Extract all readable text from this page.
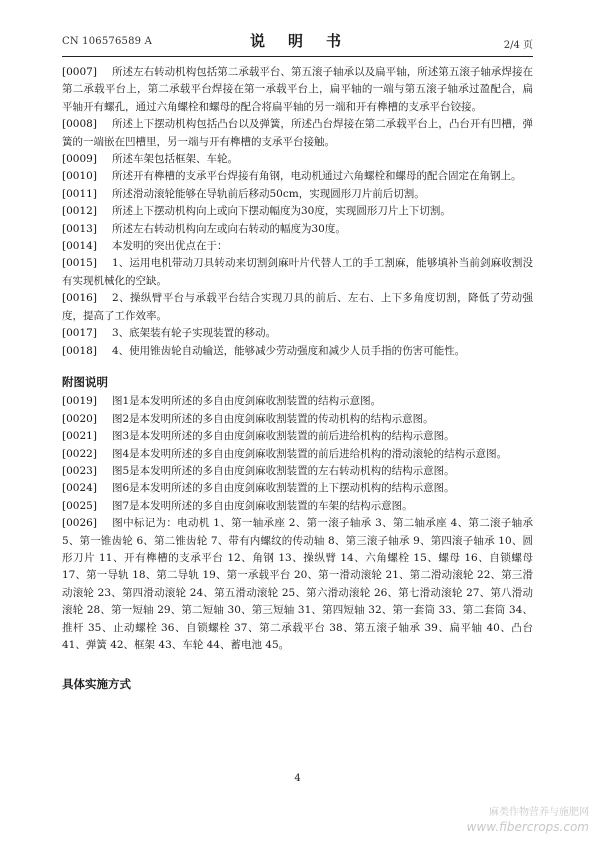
CN 106576589 A	说　明　书	2/4 页

[0007] 所述左右转动机构包括第二承载平台、第五滚子轴承以及扁平轴，所述第五滚子轴承焊接在第二承载平台上，第二承载平台焊接在第一承载平台上，扁平轴的一端与第五滚子轴承过盈配合，扁平轴开有螺孔，通过六角螺栓和螺母的配合将扁平轴的另一端和开有榫槽的支承平台铰接。

[0008] 所述上下摆动机构包括凸台以及弹簧，所述凸台焊接在第二承载平台上，凸台开有凹槽，弹簧的一端嵌在凹槽里，另一端与开有榫槽的支承平台接触。

[0009] 所述车架包括框架、车轮。

[0010] 所述开有榫槽的支承平台焊接有角钢，电动机通过六角螺栓和螺母的配合固定在角钢上。

[0011] 所述滑动滚轮能够在导轨前后移动50cm，实现圆形刀片前后切割。

[0012] 所述上下摆动机构向上或向下摆动幅度为30度，实现圆形刀片上下切割。

[0013] 所述左右转动机构向左或向右转动的幅度为30度。

[0014] 本发明的突出优点在于：

[0015] 1、运用电机带动刀具转动来切割剑麻叶片代替人工的手工割麻，能够填补当前剑麻收割没有实现机械化的空缺。

[0016] 2、操纵臂平台与承载平台结合实现刀具的前后、左右、上下多角度切割，降低了劳动强度，提高了工作效率。

[0017] 3、底架装有轮子实现装置的移动。

[0018] 4、使用锥齿轮自动输送，能够减少劳动强度和减少人员手指的伤害可能性。

附图说明

[0019] 图1是本发明所述的多自由度剑麻收割装置的结构示意图。

[0020] 图2是本发明所述的多自由度剑麻收割装置的传动机构的结构示意图。

[0021] 图3是本发明所述的多自由度剑麻收割装置的前后进给机构的结构示意图。

[0022] 图4是本发明所述的多自由度剑麻收割装置的前后进给机构的滑动滚轮的结构示意图。

[0023] 图5是本发明所述的多自由度剑麻收割装置的左右转动机构的结构示意图。

[0024] 图6是本发明所述的多自由度剑麻收割装置的上下摆动机构的结构示意图。

[0025] 图7是本发明所述的多自由度剑麻收割装置的车架的结构示意图。

[0026] 图中标记为：电动机 1、第一轴承座 2、第一滚子轴承 3、第二轴承座 4、第二滚子轴承 5、第一锥齿轮 6、第二锥齿轮 7、带有内螺纹的传动轴 8、第三滚子轴承 9、第四滚子轴承 10、圆形刀片 11、开有榫槽的支承平台 12、角钢 13、操纵臂 14、六角螺栓 15、螺母 16、自锁螺母 17、第一导轨 18、第二导轨 19、第一承载平台 20、第一滑动滚轮 21、第二滑动滚轮 22、第三滑动滚轮 23、第四滑动滚轮 24、第五滑动滚轮 25、第六滑动滚轮 26、第七滑动滚轮 27、第八滑动滚轮 28、第一短轴 29、第二短轴 30、第三短轴 31、第四短轴 32、第一套筒 33、第二套筒 34、推杆 35、止动螺栓 36、自锁螺栓 37、第二承载平台 38、第五滚子轴承 39、扁平轴 40、凸台 41、弹簧 42、框架 43、车轮 44、蓄电池 45。

具体实施方式
4
麻类作物营养与施肥网
www.fibercrops.com
